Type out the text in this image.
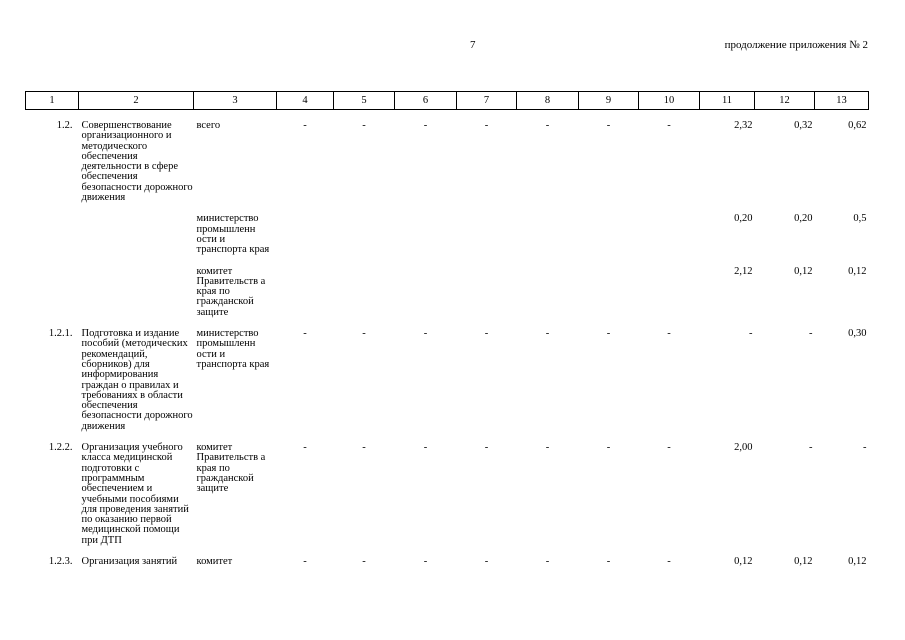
7	продолжение приложения № 2
1	2	3	4	5	6	7	8	9	10	11	12	13

1.2.	Совершенствование организационного и методического обеспечения деятельности в сфере обеспечения безопасности дорожного движения	всего	-	-	-	-	-	-	-	2,32	0,32	0,62

		министерство промышленн ости и транспорта края								0,20	0,20	0,5

		комитет Правительств а края по гражданской защите								2,12	0,12	0,12

1.2.1.	Подготовка и издание пособий (методических рекомендаций, сборников) для информирования граждан о правилах и требованиях в области обеспечения безопасности дорожного движения	министерство промышленн ости и транспорта края	-	-	-	-	-	-	-	-	-	0,30

1.2.2.	Организация учебного класса медицинской подготовки с программным обеспечением и учебными пособиями для проведения занятий по оказанию первой медицинской помощи при ДТП	комитет Правительств а края по гражданской защите	-	-	-	-	-	-	-	2,00	-	-

1.2.3.	Организация занятий	комитет	-	-	-	-	-	-	-	0,12	0,12	0,12
